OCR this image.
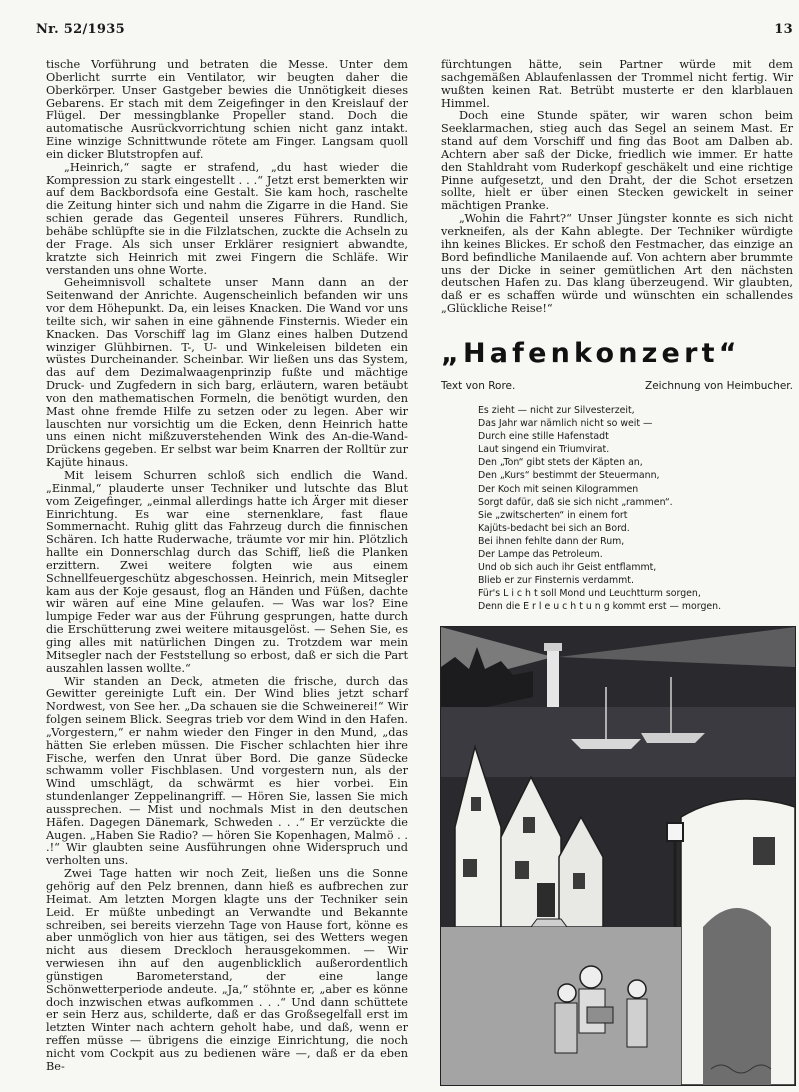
Nr. 52/1935	13

tische Vorführung und betraten die Messe. Unter dem Oberlicht surrte ein Ventilator, wir beugten daher die Oberkörper. Unser Gastgeber bewies die Unnötigkeit dieses Gebarens. Er stach mit dem Zeigefinger in den Kreislauf der Flügel. Der messingblanke Propeller stand. Doch die automatische Ausrückvorrichtung schien nicht ganz intakt. Eine winzige Schnittwunde rötete am Finger. Langsam quoll ein dicker Blutstropfen auf.

„Heinrich,“ sagte er strafend, „du hast wieder die Kompression zu stark eingestellt . . .“ Jetzt erst bemerkten wir auf dem Backbordsofa eine Gestalt. Sie kam hoch, raschelte die Zeitung hinter sich und nahm die Zigarre in die Hand. Sie schien gerade das Gegenteil unseres Führers. Rundlich, behäbe schlüpfte sie in die Filzlatschen, zuckte die Achseln zu der Frage. Als sich unser Erklärer resigniert abwandte, kratzte sich Heinrich mit zwei Fingern die Schläfe. Wir verstanden uns ohne Worte.

Geheimnisvoll schaltete unser Mann dann an der Seitenwand der Anrichte. Augenscheinlich befanden wir uns vor dem Höhepunkt. Da, ein leises Knacken. Die Wand vor uns teilte sich, wir sahen in eine gähnende Finsternis. Wieder ein Knacken. Das Vorschiff lag im Glanz eines halben Dutzend winziger Glühbirnen. T-, U- und Winkeleisen bildeten ein wüstes Durcheinander. Scheinbar. Wir ließen uns das System, das auf dem Dezimalwaagenprinzip fußte und mächtige Druck- und Zugfedern in sich barg, erläutern, waren betäubt von den mathematischen Formeln, die benötigt wurden, den Mast ohne fremde Hilfe zu setzen oder zu legen. Aber wir lauschten nur vorsichtig um die Ecken, denn Heinrich hatte uns einen nicht mißzuverstehenden Wink des An-die-Wand-Drückens gegeben. Er selbst war beim Knarren der Rolltür zur Kajüte hinaus.

Mit leisem Schurren schloß sich endlich die Wand. „Einmal,“ plauderte unser Techniker und lutschte das Blut vom Zeigefinger, „einmal allerdings hatte ich Ärger mit dieser Einrichtung. Es war eine sternenklare, fast flaue Sommernacht. Ruhig glitt das Fahrzeug durch die finnischen Schären. Ich hatte Ruderwache, träumte vor mir hin. Plötzlich hallte ein Donnerschlag durch das Schiff, ließ die Planken erzittern. Zwei weitere folgten wie aus einem Schnellfeuergeschütz abgeschossen. Heinrich, mein Mitsegler kam aus der Koje gesaust, flog an Händen und Füßen, dachte wir wären auf eine Mine gelaufen. — Was war los? Eine lumpige Feder war aus der Führung gesprungen, hatte durch die Erschütterung zwei weitere mitausgelöst. — Sehen Sie, es ging alles mit natürlichen Dingen zu. Trotzdem war mein Mitsegler nach der Feststellung so erbost, daß er sich die Part auszahlen lassen wollte.“

Wir standen an Deck, atmeten die frische, durch das Gewitter gereinigte Luft ein. Der Wind blies jetzt scharf Nordwest, von See her. „Da schauen sie die Schweinerei!“ Wir folgen seinem Blick. Seegras trieb vor dem Wind in den Hafen. „Vorgestern,“ er nahm wieder den Finger in den Mund, „das hätten Sie erleben müssen. Die Fischer schlachten hier ihre Fische, werfen den Unrat über Bord. Die ganze Südecke schwamm voller Fischblasen. Und vorgestern nun, als der Wind umschlägt, da schwärmt es hier vorbei. Ein stundenlanger Zeppelinangriff. — Hören Sie, lassen Sie mich aussprechen. — Mist und nochmals Mist in den deutschen Häfen. Dagegen Dänemark, Schweden . . .“ Er verzückte die Augen. „Haben Sie Radio? — hören Sie Kopenhagen, Malmö . . .!“ Wir glaubten seine Ausführungen ohne Widerspruch und verholten uns.

Zwei Tage hatten wir noch Zeit, ließen uns die Sonne gehörig auf den Pelz brennen, dann hieß es aufbrechen zur Heimat. Am letzten Morgen klagte uns der Techniker sein Leid. Er müßte unbedingt an Verwandte und Bekannte schreiben, sei bereits vierzehn Tage von Hause fort, könne es aber unmöglich von hier aus tätigen, sei des Wetters wegen nicht aus diesem Dreckloch herausgekommen. — Wir verwiesen ihn auf den augenblicklich außerordentlich günstigen Barometerstand, der eine lange Schönwetterperiode andeute. „Ja,“ stöhnte er, „aber es könne doch inzwischen etwas aufkommen . . .“ Und dann schüttete er sein Herz aus, schilderte, daß er das Großsegelfall erst im letzten Winter nach achtern geholt habe, und daß, wenn er reffen müsse — übrigens die einzige Einrichtung, die noch nicht vom Cockpit aus zu bedienen wäre —, daß er da eben Be-

fürchtungen hätte, sein Partner würde mit dem sachgemäßen Ablaufenlassen der Trommel nicht fertig. Wir wußten keinen Rat. Betrübt musterte er den klarblauen Himmel.

Doch eine Stunde später, wir waren schon beim Seeklarmachen, stieg auch das Segel an seinem Mast. Er stand auf dem Vorschiff und fing das Boot am Dalben ab. Achtern aber saß der Dicke, friedlich wie immer. Er hatte den Stahldraht vom Ruderkopf geschäkelt und eine richtige Pinne aufgesetzt, und den Draht, der die Schot ersetzen sollte, hielt er über einen Stecken gewickelt in seiner mächtigen Pranke.

„Wohin die Fahrt?“ Unser Jüngster konnte es sich nicht verkneifen, als der Kahn ablegte. Der Techniker würdigte ihn keines Blickes. Er schoß den Festmacher, das einzige an Bord befindliche Manilaende auf. Von achtern aber brummte uns der Dicke in seiner gemütlichen Art den nächsten deutschen Hafen zu. Das klang überzeugend. Wir glaubten, daß er es schaffen würde und wünschten ein schallendes „Glückliche Reise!“

„Hafenkonzert“
Text von Rore.	Zeichnung von Heimbucher.
Es zieht — nicht zur Silvesterzeit,
Das Jahr war nämlich nicht so weit —
Durch eine stille Hafenstadt
Laut singend ein Triumvirat.
Den „Ton“ gibt stets der Käpten an,
Den „Kurs“ bestimmt der Steuermann,
Der Koch mit seinen Kilogrammen
Sorgt dafür, daß sie sich nicht „rammen“.
Sie „zwitscherten“ in einem fort
Kajüts-bedacht bei sich an Bord.
Bei ihnen fehlte dann der Rum,
Der Lampe das Petroleum.
Und ob sich auch ihr Geist entflammt,
Blieb er zur Finsternis verdammt.
Für's L i c h t soll Mond und Leuchtturm sorgen,
Denn die E r l e u c h t u n g kommt erst — morgen.
